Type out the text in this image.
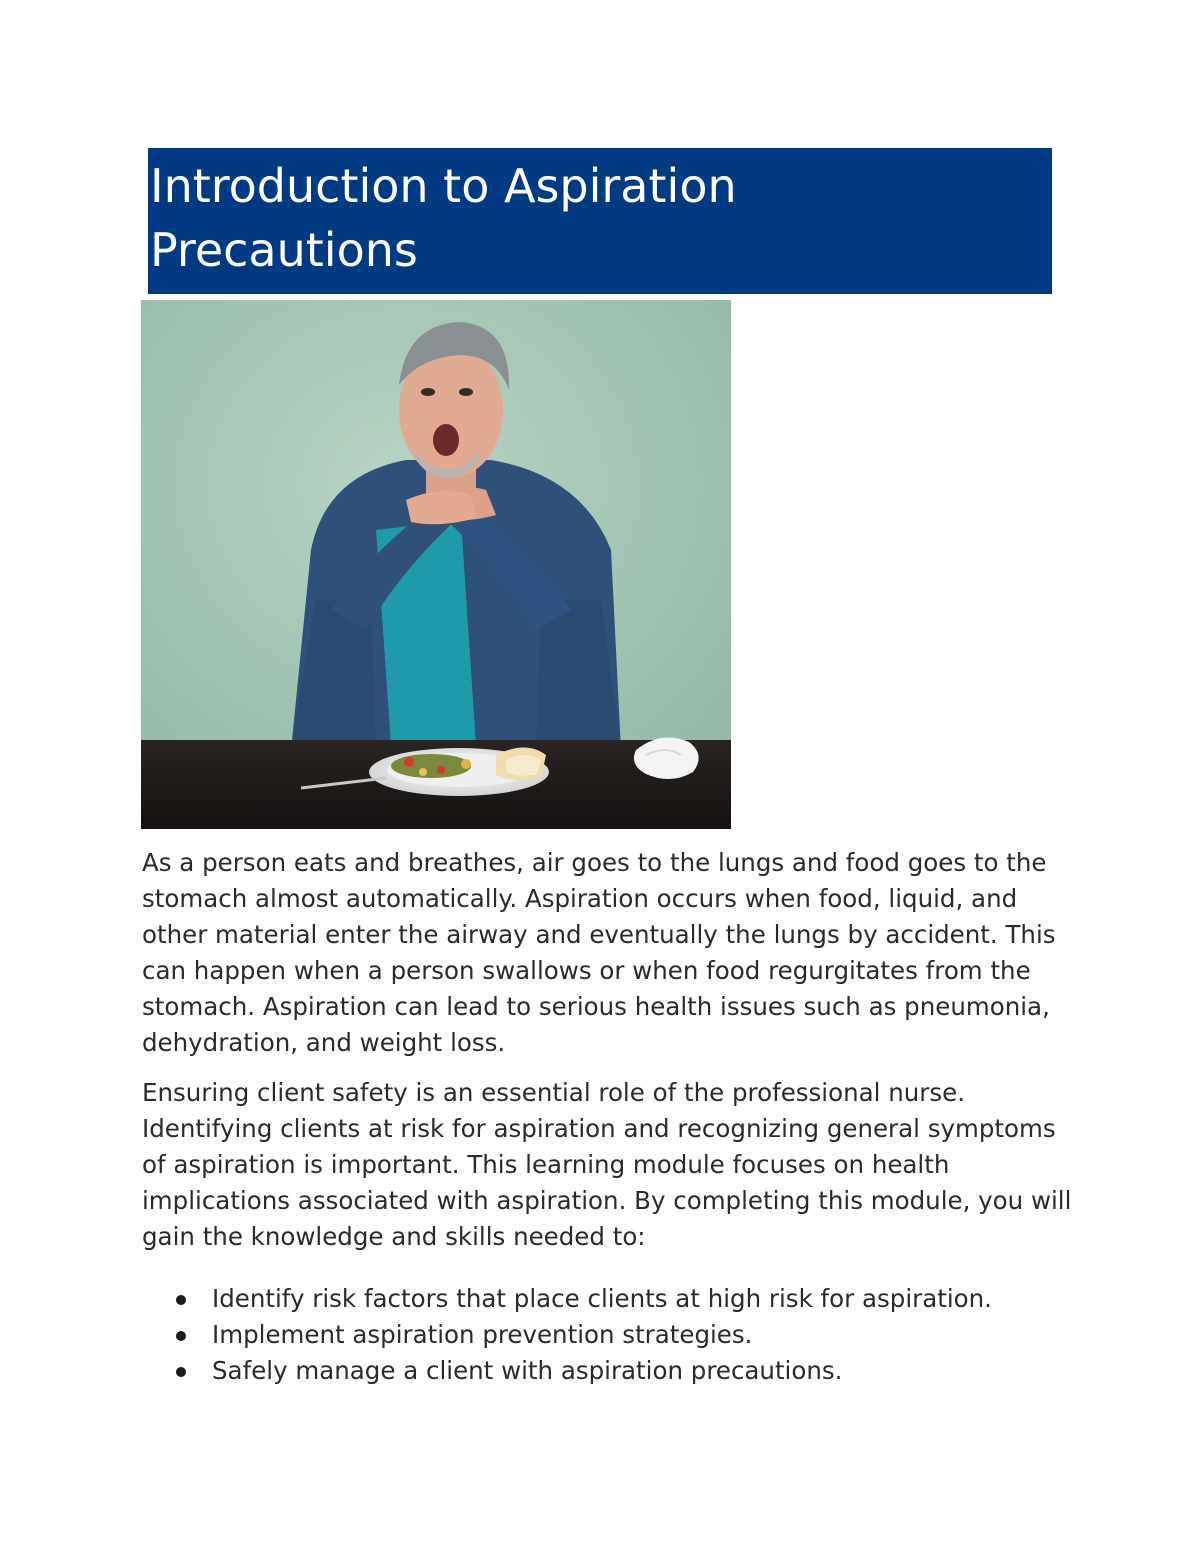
Introduction to Aspiration
Precautions

As a person eats and breathes, air goes to the lungs and food goes to the stomach almost automatically. Aspiration occurs when food, liquid, and other material enter the airway and eventually the lungs by accident. This can happen when a person swallows or when food regurgitates from the stomach. Aspiration can lead to serious health issues such as pneumonia, dehydration, and weight loss.

Ensuring client safety is an essential role of the professional nurse. Identifying clients at risk for aspiration and recognizing general symptoms of aspiration is important. This learning module focuses on health implications associated with aspiration. By completing this module, you will gain the knowledge and skills needed to:

Identify risk factors that place clients at high risk for aspiration.
Implement aspiration prevention strategies.
Safely manage a client with aspiration precautions.
